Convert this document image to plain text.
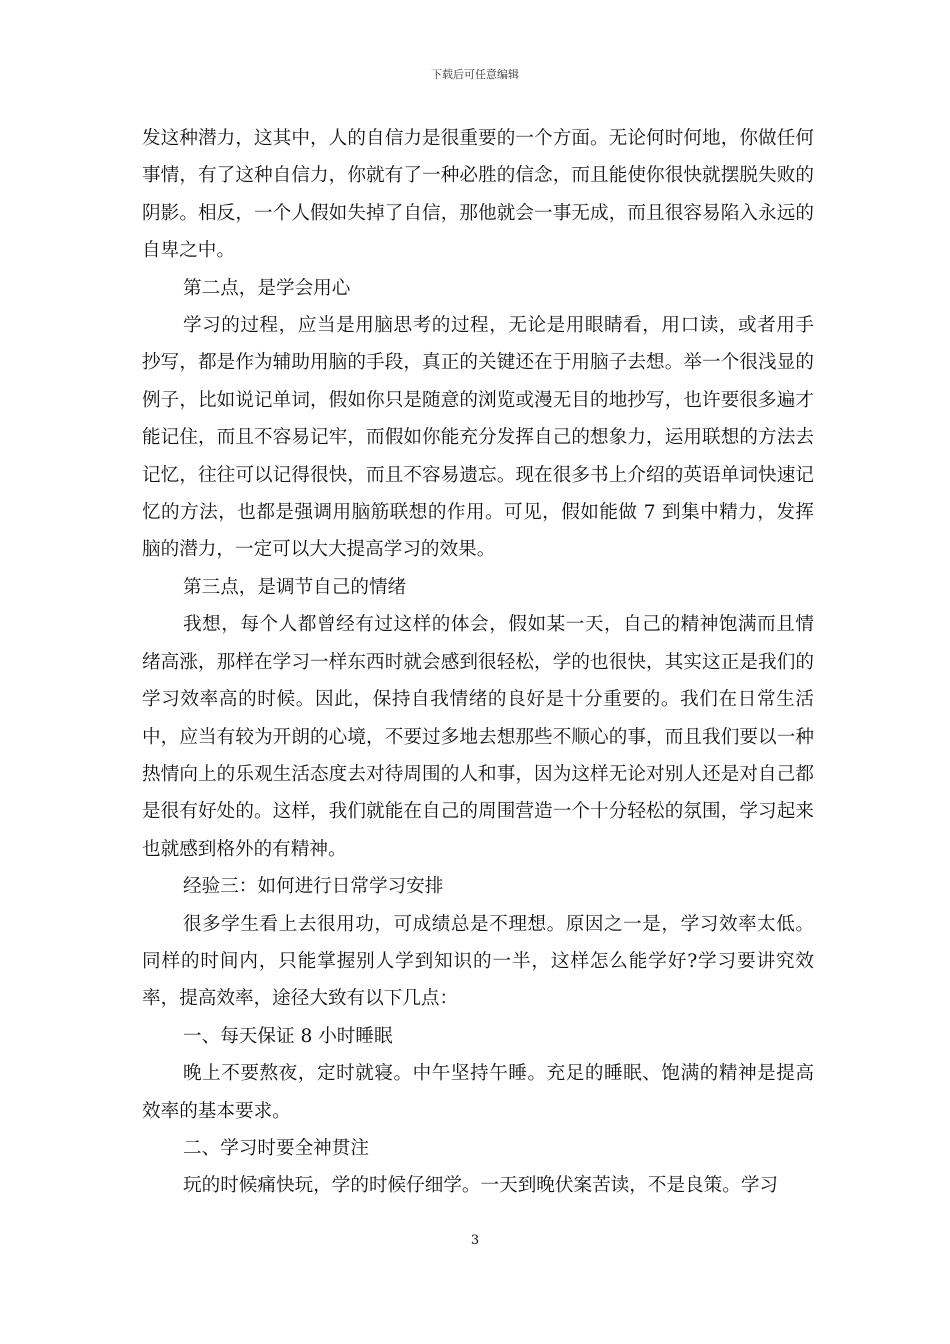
下载后可任意编辑

发这种潜力，这其中，人的自信力是很重要的一个方面。无论何时何地，你做任何事情，有了这种自信力，你就有了一种必胜的信念，而且能使你很快就摆脱失败的阴影。相反，一个人假如失掉了自信，那他就会一事无成，而且很容易陷入永远的自卑之中。

第二点，是学会用心

学习的过程，应当是用脑思考的过程，无论是用眼睛看，用口读，或者用手抄写，都是作为辅助用脑的手段，真正的关键还在于用脑子去想。举一个很浅显的例子，比如说记单词，假如你只是随意的浏览或漫无目的地抄写，也许要很多遍才能记住，而且不容易记牢，而假如你能充分发挥自己的想象力，运用联想的方法去记忆，往往可以记得很快，而且不容易遗忘。现在很多书上介绍的英语单词快速记忆的方法，也都是强调用脑筋联想的作用。可见，假如能做 7 到集中精力，发挥脑的潜力，一定可以大大提高学习的效果。

第三点，是调节自己的情绪

我想，每个人都曾经有过这样的体会，假如某一天，自己的精神饱满而且情绪高涨，那样在学习一样东西时就会感到很轻松，学的也很快，其实这正是我们的学习效率高的时候。因此，保持自我情绪的良好是十分重要的。我们在日常生活中，应当有较为开朗的心境，不要过多地去想那些不顺心的事，而且我们要以一种热情向上的乐观生活态度去对待周围的人和事，因为这样无论对别人还是对自己都是很有好处的。这样，我们就能在自己的周围营造一个十分轻松的氛围，学习起来也就感到格外的有精神。

经验三：如何进行日常学习安排

很多学生看上去很用功，可成绩总是不理想。原因之一是，学习效率太低。同样的时间内，只能掌握别人学到知识的一半，这样怎么能学好?学习要讲究效率，提高效率，途径大致有以下几点：

一、每天保证 8 小时睡眠

晚上不要熬夜，定时就寝。中午坚持午睡。充足的睡眠、饱满的精神是提高效率的基本要求。

二、学习时要全神贯注

玩的时候痛快玩，学的时候仔细学。一天到晚伏案苦读，不是良策。学习

3
